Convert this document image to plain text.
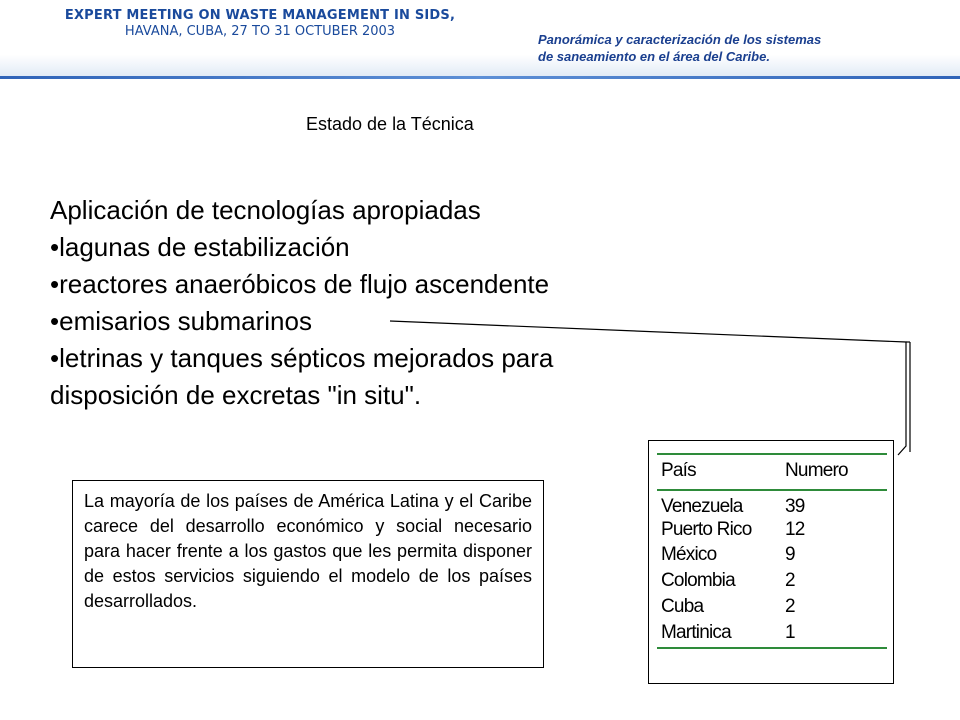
EXPERT MEETING ON WASTE MANAGEMENT IN SIDS,
HAVANA, CUBA, 27 TO 31 OCTUBER 2003
Panorámica y caracterización de los sistemas
de saneamiento en el área del Caribe.
Estado de la Técnica
Aplicación de tecnologías apropiadas
•lagunas de estabilización
•reactores anaeróbicos de flujo ascendente
•emisarios submarinos
•letrinas y tanques sépticos mejorados para
disposición de excretas "in situ".
La mayoría de los países de América Latina y el Caribe carece del desarrollo económico y social necesario para hacer frente a los gastos que les permita disponer de estos servicios siguiendo el modelo de los países desarrollados.
País	Numero
Venezuela 39
Puerto Rico 12
México	9
Colombia	2
Cuba	2
Martinica	1
